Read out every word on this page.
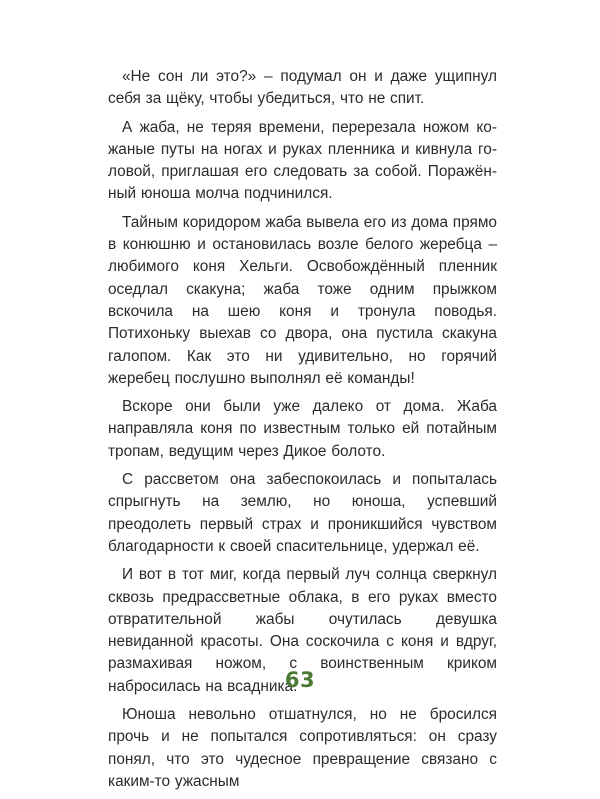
«Не сон ли это?» – подумал он и даже ущипнул себя за щёку, чтобы убедиться, что не спит.

А жаба, не теряя времени, перерезала ножом кожаные путы на ногах и руках пленника и кивнула головой, приглашая его следовать за собой. Поражённый юноша молча подчинился.

Тайным коридором жаба вывела его из дома прямо в конюшню и остановилась возле белого жеребца – любимого коня Хельги. Освобождённый пленник оседлал скакуна; жаба тоже одним прыжком вскочила на шею коня и тронула поводья. Потихоньку выехав со двора, она пустила скакуна галопом. Как это ни удивительно, но горячий жеребец послушно выполнял её команды!

Вскоре они были уже далеко от дома. Жаба направляла коня по известным только ей потайным тропам, ведущим через Дикое болото.

С рассветом она забеспокоилась и попыталась спрыгнуть на землю, но юноша, успевший преодолеть первый страх и проникшийся чувством благодарности к своей спасительнице, удержал её.

И вот в тот миг, когда первый луч солнца сверкнул сквозь предрассветные облака, в его руках вместо отвратительной жабы очутилась девушка невиданной красоты. Она соскочила с коня и вдруг, размахивая ножом, с воинственным криком набросилась на всадника.

Юноша невольно отшатнулся, но не бросился прочь и не попытался сопротивляться: он сразу понял, что это чудесное превращение связано с каким-то ужасным

63
